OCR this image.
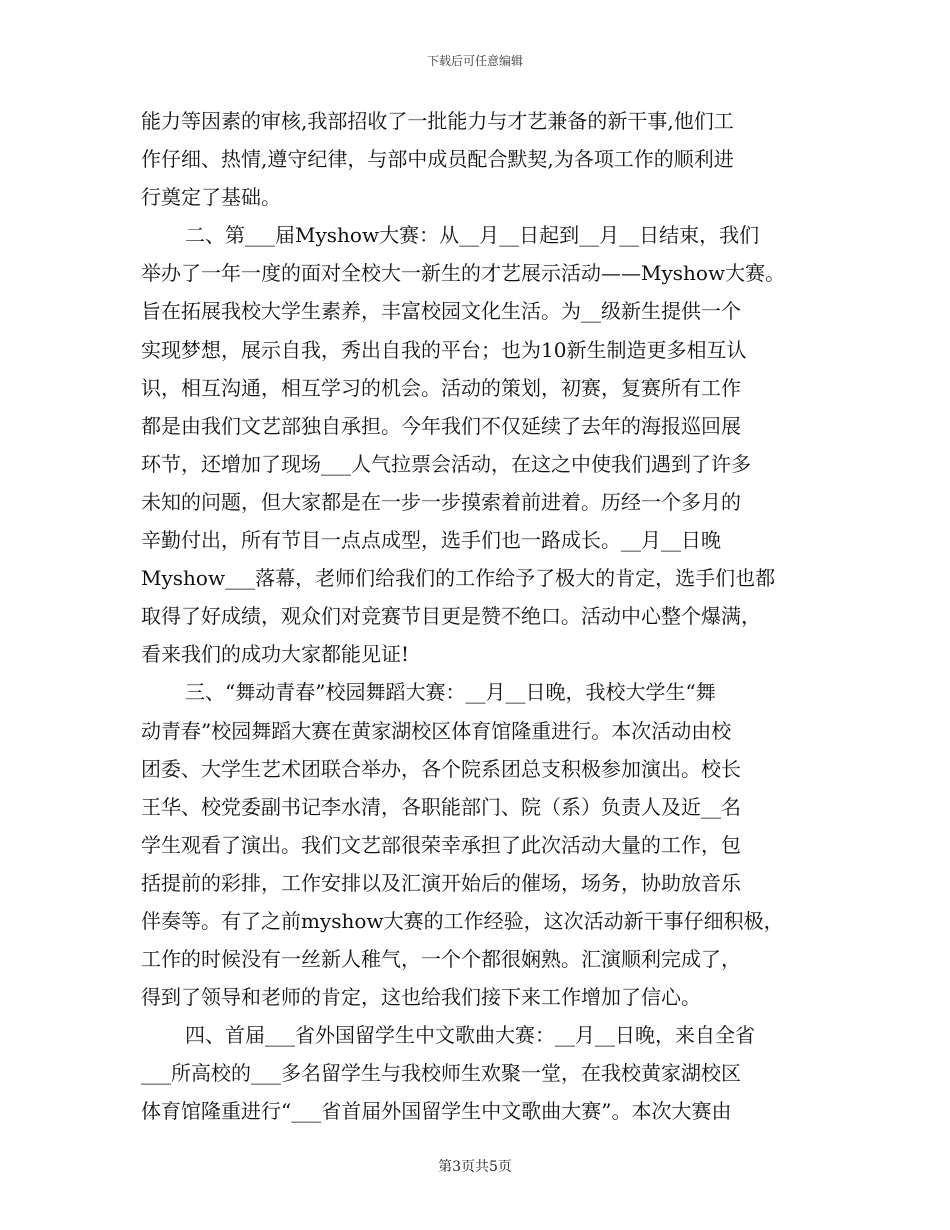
下载后可任意编辑
能力等因素的审核,我部招收了一批能力与才艺兼备的新干事,他们工
作仔细、热情,遵守纪律，与部中成员配合默契,为各项工作的顺利进
行奠定了基础。
二、第___届Myshow大赛：从__月__日起到__月__日结束，我们
举办了一年一度的面对全校大一新生的才艺展示活动——Myshow大赛。
旨在拓展我校大学生素养，丰富校园文化生活。为__级新生提供一个
实现梦想，展示自我，秀出自我的平台；也为10新生制造更多相互认
识，相互沟通，相互学习的机会。活动的策划，初赛，复赛所有工作
都是由我们文艺部独自承担。今年我们不仅延续了去年的海报巡回展
环节，还增加了现场___人气拉票会活动，在这之中使我们遇到了许多
未知的问题，但大家都是在一步一步摸索着前进着。历经一个多月的
辛勤付出，所有节目一点点成型，选手们也一路成长。__月__日晚
Myshow___落幕，老师们给我们的工作给予了极大的肯定，选手们也都
取得了好成绩，观众们对竞赛节目更是赞不绝口。活动中心整个爆满，
看来我们的成功大家都能见证!
三、“舞动青春”校园舞蹈大赛：__月__日晚，我校大学生“舞
动青春”校园舞蹈大赛在黄家湖校区体育馆隆重进行。本次活动由校
团委、大学生艺术团联合举办，各个院系团总支积极参加演出。校长
王华、校党委副书记李水清，各职能部门、院（系）负责人及近__名
学生观看了演出。我们文艺部很荣幸承担了此次活动大量的工作，包
括提前的彩排，工作安排以及汇演开始后的催场，场务，协助放音乐
伴奏等。有了之前myshow大赛的工作经验，这次活动新干事仔细积极，
工作的时候没有一丝新人稚气，一个个都很娴熟。汇演顺利完成了，
得到了领导和老师的肯定，这也给我们接下来工作增加了信心。
四、首届___省外国留学生中文歌曲大赛：__月__日晚，来自全省
___所高校的___多名留学生与我校师生欢聚一堂，在我校黄家湖校区
体育馆隆重进行“___省首届外国留学生中文歌曲大赛”。本次大赛由
第3页共5页
